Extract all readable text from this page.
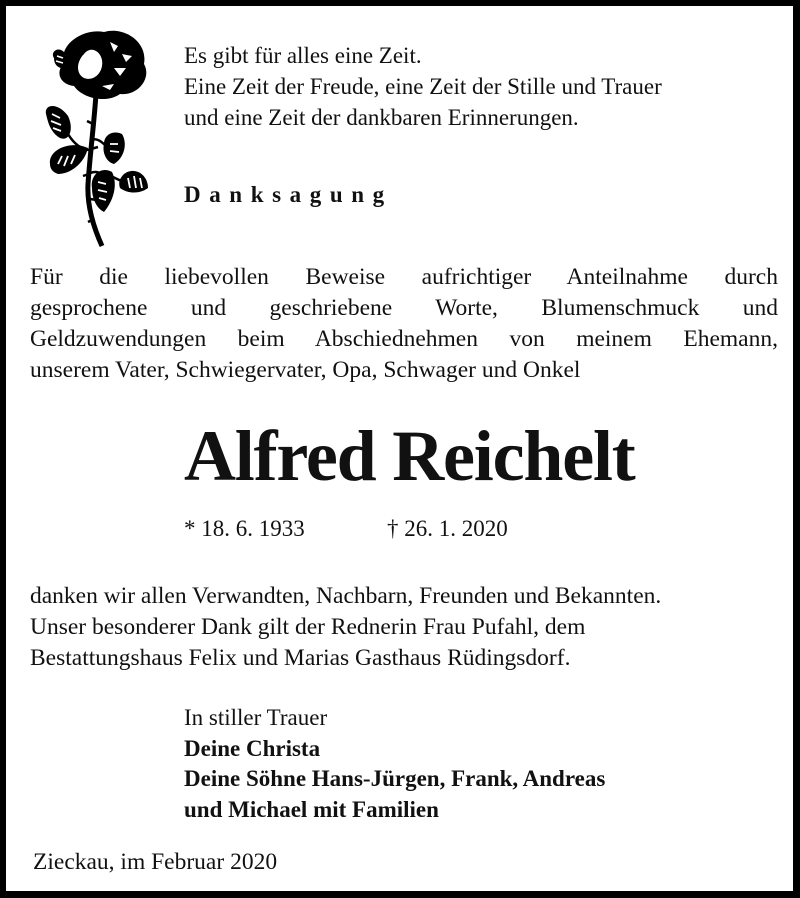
Es gibt für alles eine Zeit.
Eine Zeit der Freude, eine Zeit der Stille und Trauer
und eine Zeit der dankbaren Erinnerungen.
Danksagung
Für die liebevollen Beweise aufrichtiger Anteilnahme durch
gesprochene und geschriebene Worte, Blumenschmuck und
Geldzuwendungen beim Abschiednehmen von meinem Ehemann,
unserem Vater, Schwiegervater, Opa, Schwager und Onkel
Alfred Reichelt
* 18. 6. 1933	† 26. 1. 2020
danken wir allen Verwandten, Nachbarn, Freunden und Bekannten.
Unser besonderer Dank gilt der Rednerin Frau Pufahl, dem
Bestattungshaus Felix und Marias Gasthaus Rüdingsdorf.
In stiller Trauer
Deine Christa
Deine Söhne Hans-Jürgen, Frank, Andreas
und Michael mit Familien
Zieckau, im Februar 2020
